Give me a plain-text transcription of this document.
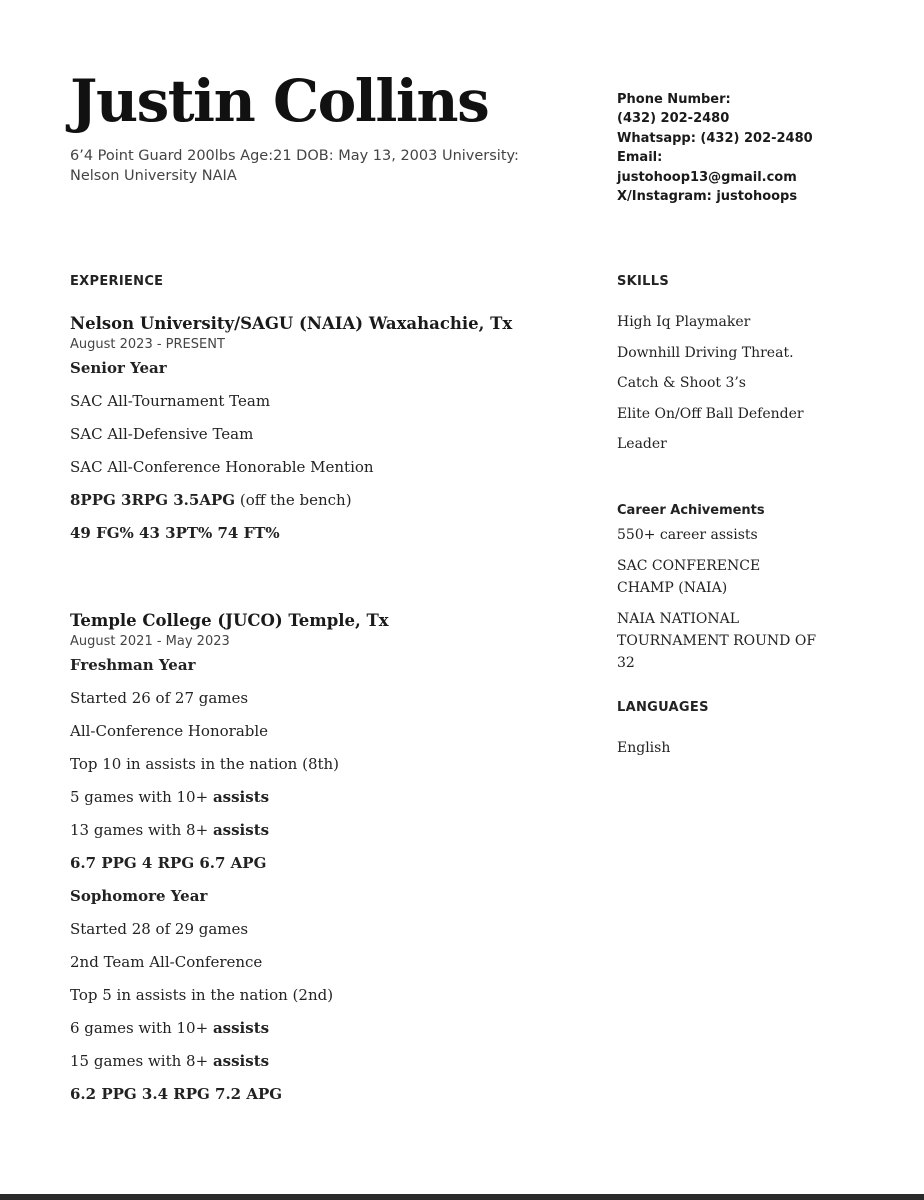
Justin Collins

6’4 Point Guard 200lbs Age:21 DOB: May 13, 2003 University: Nelson University NAIA

Phone Number:
(432) 202-2480
Whatsapp: (432) 202-2480
Email:
justohoop13@gmail.com
X/Instagram: justohoops
EXPERIENCE

Nelson University/SAGU (NAIA) Waxahachie, Tx

August 2023 - PRESENT

Senior Year

SAC All-Tournament Team

SAC All-Defensive Team

SAC All-Conference Honorable Mention

8PPG 3RPG 3.5APG (off the bench)

49 FG% 43 3PT% 74 FT%

Temple College (JUCO) Temple, Tx

August 2021 - May 2023

Freshman Year

Started 26 of 27 games

All-Conference Honorable

Top 10 in assists in the nation (8th)

5 games with 10+ assists

13 games with 8+ assists

6.7 PPG 4 RPG 6.7 APG

Sophomore Year

Started 28 of 29 games

2nd Team All-Conference

Top 5 in assists in the nation (2nd)

6 games with 10+ assists

15 games with 8+ assists

6.2 PPG 3.4 RPG 7.2 APG

SKILLS

High Iq Playmaker

Downhill Driving Threat.

Catch & Shoot 3’s

Elite On/Off Ball Defender

Leader

Career Achivements

550+ career assists

SAC CONFERENCE CHAMP (NAIA)

NAIA NATIONAL TOURNAMENT ROUND OF 32

LANGUAGES

English
